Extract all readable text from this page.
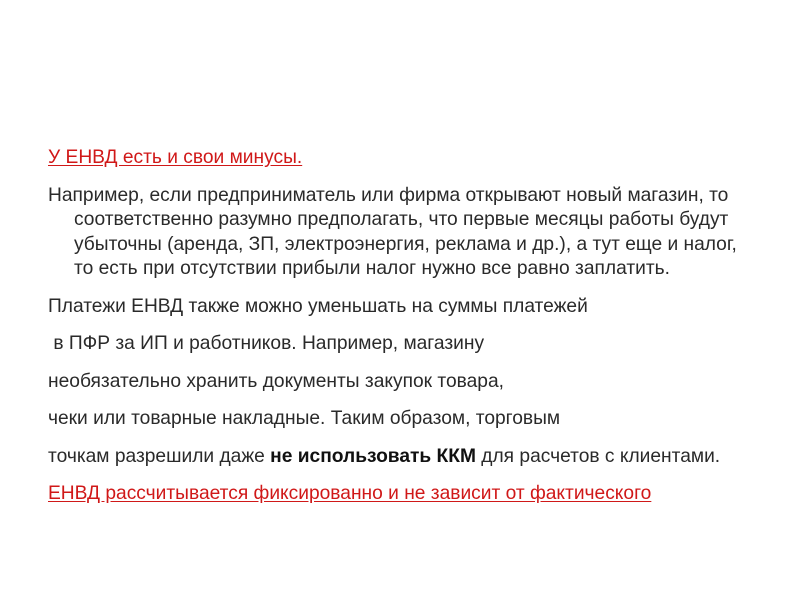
У ЕНВД есть и свои минусы.

Например, если предприниматель или фирма открывают новый магазин, то соответственно разумно предполагать, что первые месяцы работы будут убыточны (аренда, ЗП, электроэнергия, реклама и др.), а тут еще и налог, то есть при отсутствии прибыли налог нужно все равно заплатить.

Платежи ЕНВД также можно уменьшать на суммы платежей

в ПФР за ИП и работников. Например, магазину

необязательно хранить документы закупок товара,

чеки или товарные накладные. Таким образом, торговым

точкам разрешили даже не использовать ККМ для расчетов с клиентами.

ЕНВД рассчитывается фиксированно и не зависит от фактического
